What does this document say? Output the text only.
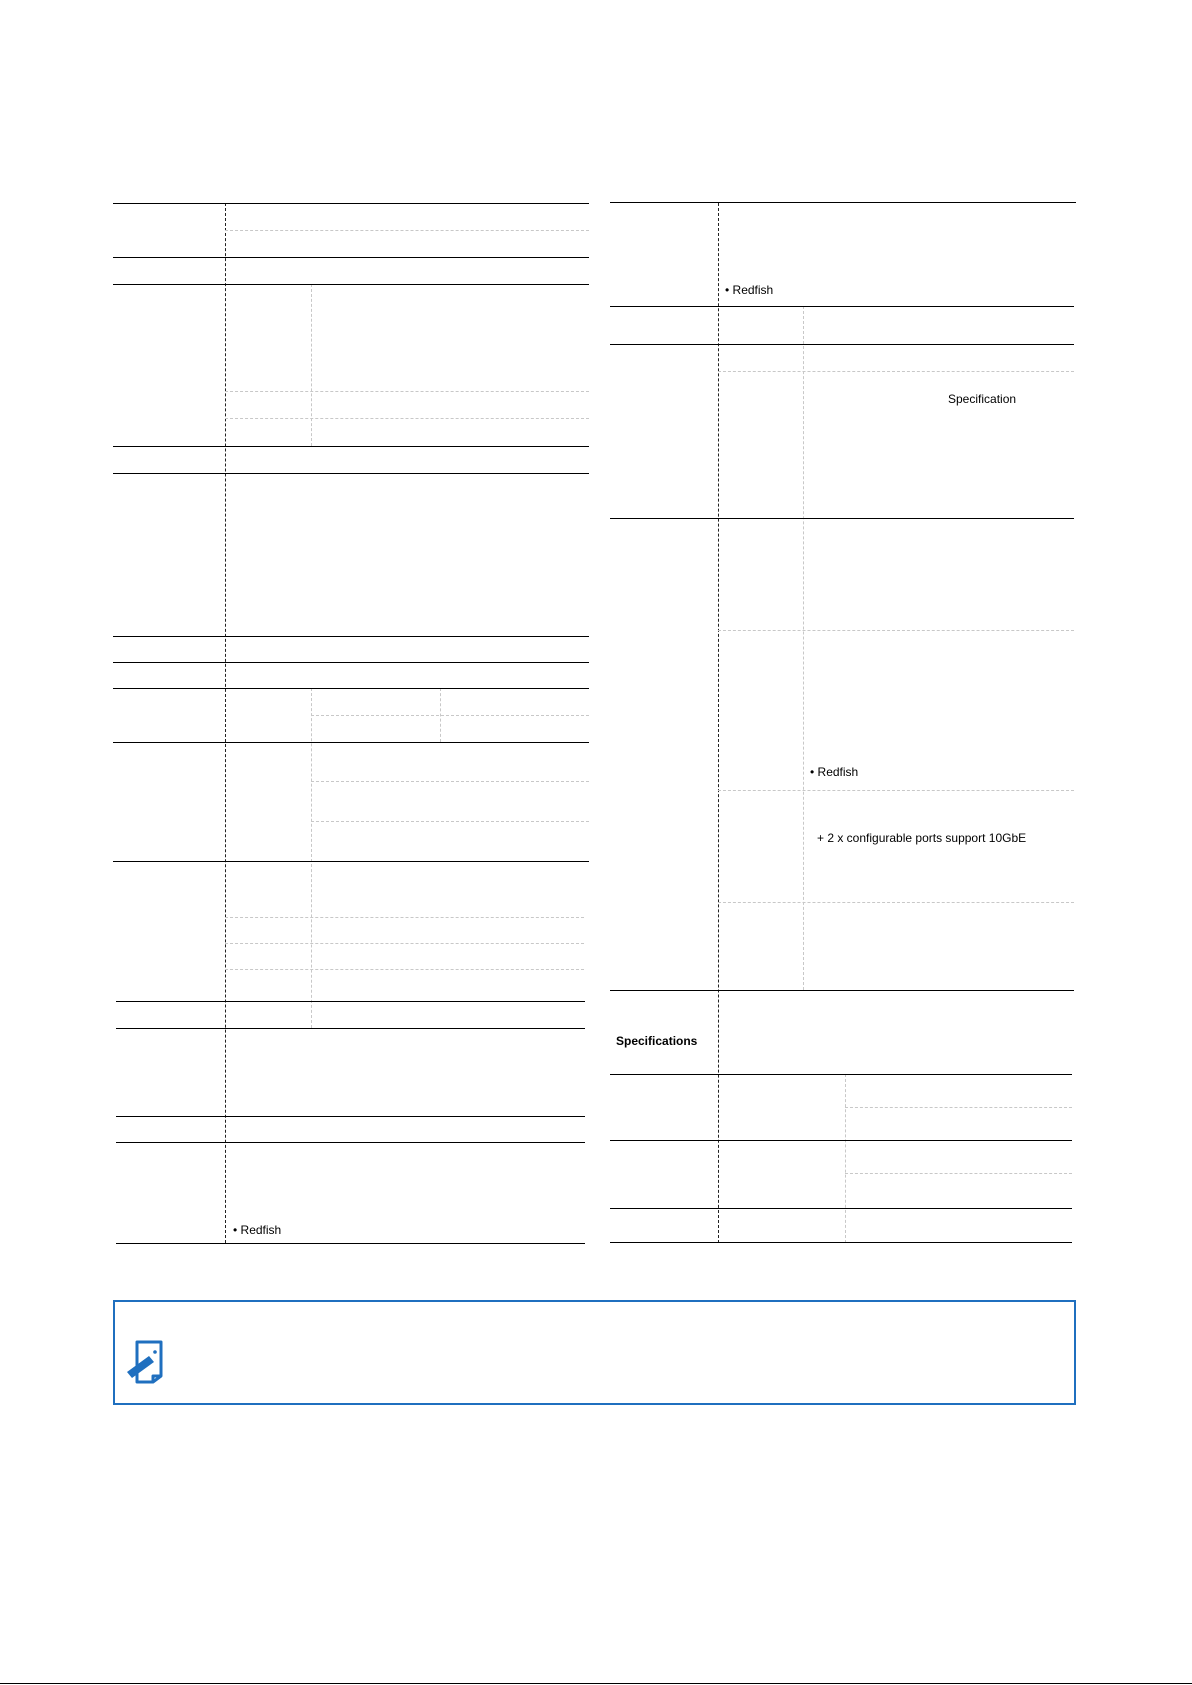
• Redfish
• Redfish
Specification
• Redfish
+ 2 x configurable ports support 10GbE
Specifications
